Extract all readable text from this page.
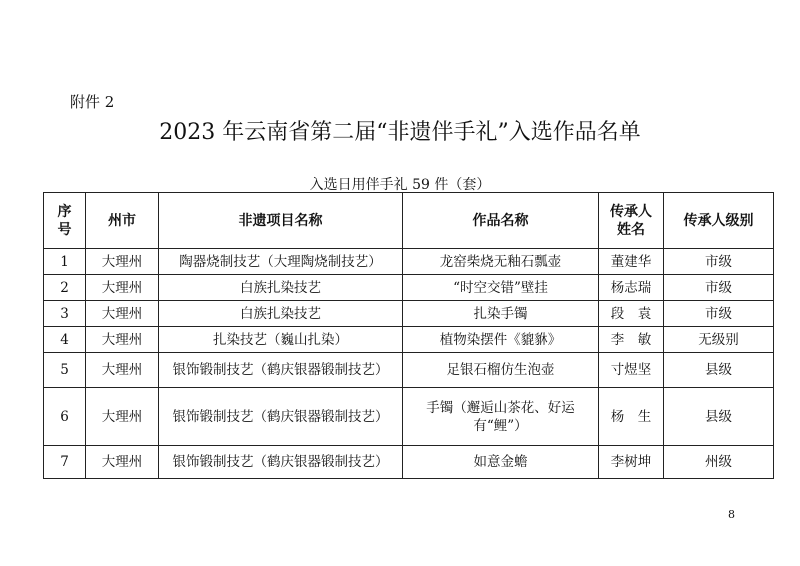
附件 2
2023 年云南省第二届“非遗伴手礼”入选作品名单
入选日用伴手礼 59 件（套）
序号	州市	非遗项目名称	作品名称	传承人姓名	传承人级别
1	大理州	陶器烧制技艺（大理陶烧制技艺）	龙窑柴烧无釉石瓢壶	董建华	市级
2	大理州	白族扎染技艺	“时空交错”壁挂	杨志瑞	市级
3	大理州	白族扎染技艺	扎染手镯	段　袁	市级
4	大理州	扎染技艺（巍山扎染）	植物染摆件《貔貅》	李　敏	无级别
5	大理州	银饰锻制技艺（鹤庆银器锻制技艺）	足银石榴仿生泡壶	寸煜坚	县级
6	大理州	银饰锻制技艺（鹤庆银器锻制技艺）	手镯（邂逅山茶花、好运有“鲤”）	杨　生	县级
7	大理州	银饰锻制技艺（鹤庆银器锻制技艺）	如意金蟾	李树坤	州级
8
